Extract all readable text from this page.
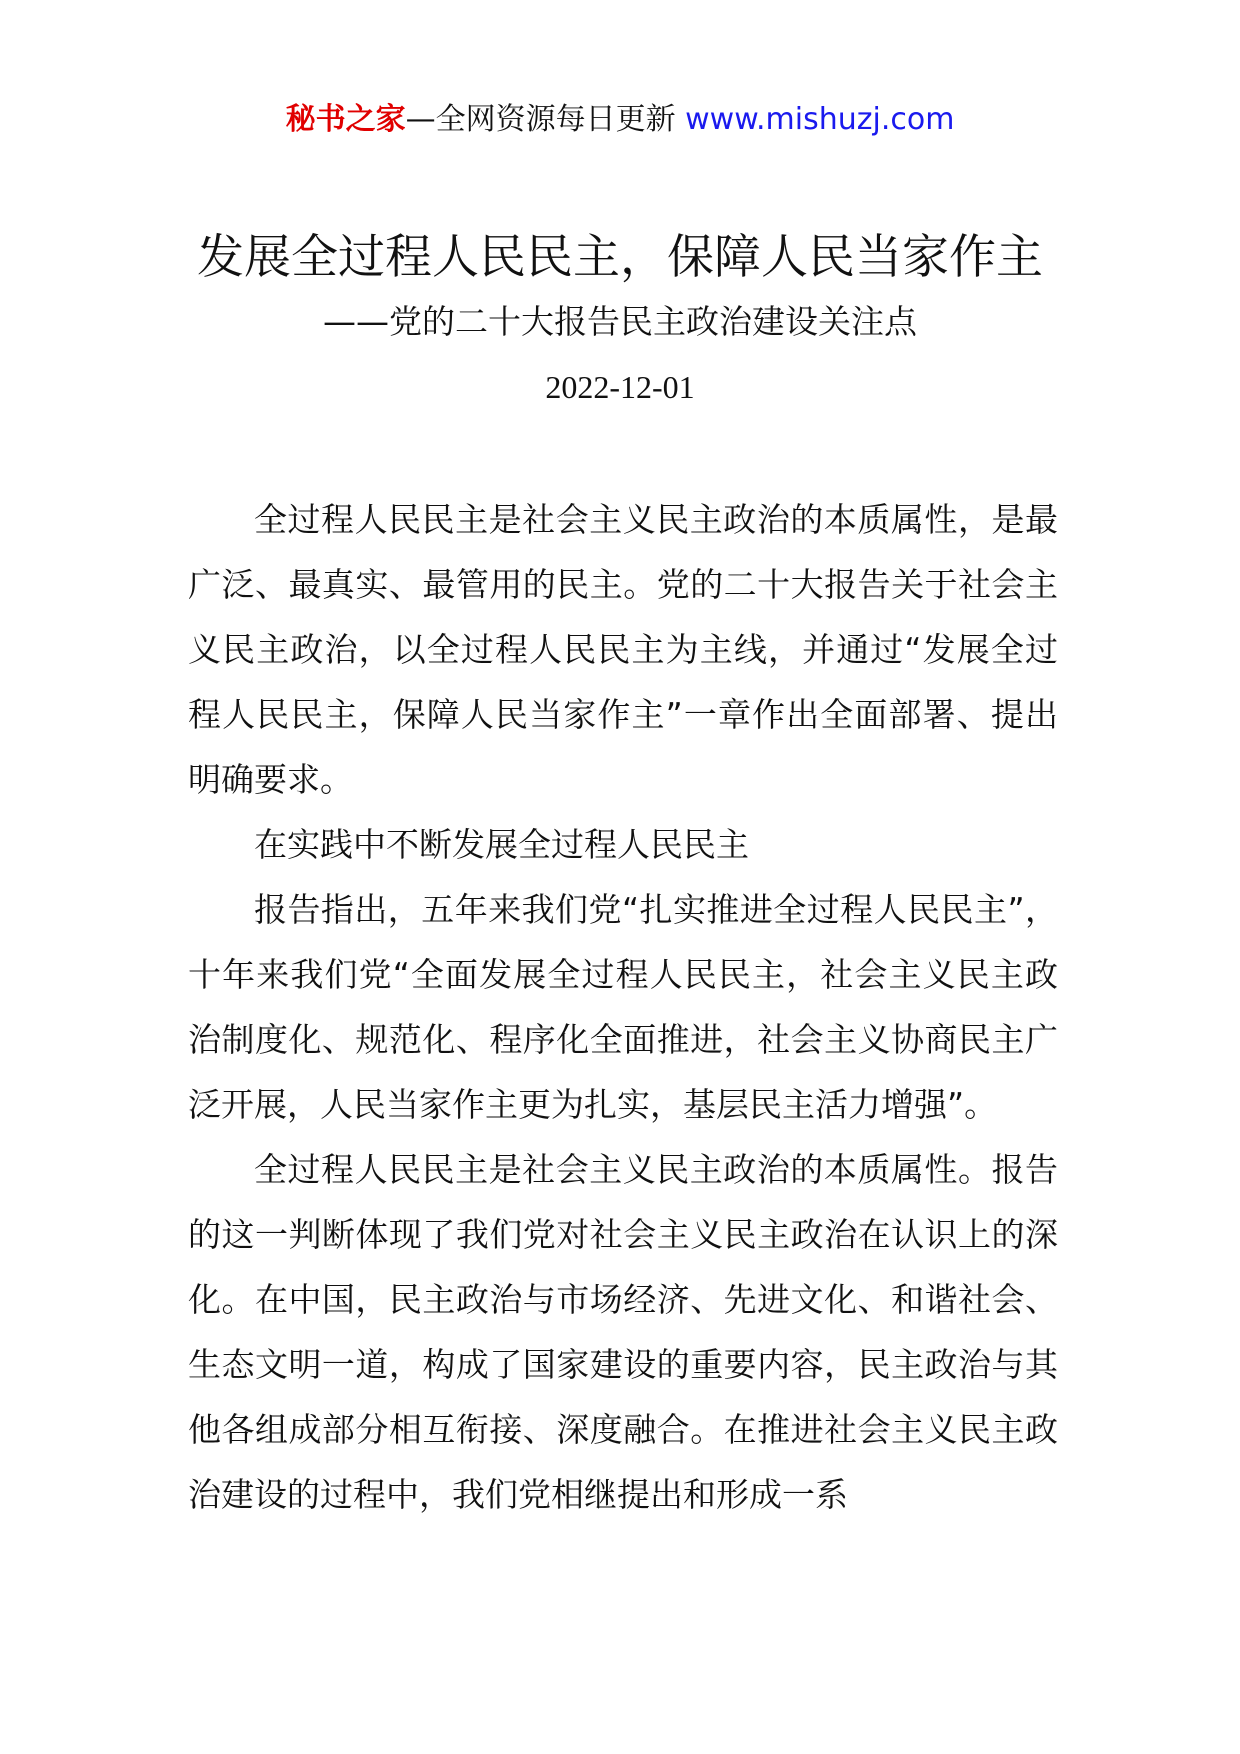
秘书之家—全网资源每日更新 www.mishuzj.com
发展全过程人民民主，保障人民当家作主
——党的二十大报告民主政治建设关注点
2022-12-01

全过程人民民主是社会主义民主政治的本质属性，是最广泛、最真实、最管用的民主。党的二十大报告关于社会主义民主政治，以全过程人民民主为主线，并通过“发展全过程人民民主，保障人民当家作主”一章作出全面部署、提出明确要求。

在实践中不断发展全过程人民民主

报告指出，五年来我们党“扎实推进全过程人民民主”，十年来我们党“全面发展全过程人民民主，社会主义民主政治制度化、规范化、程序化全面推进，社会主义协商民主广泛开展，人民当家作主更为扎实，基层民主活力增强”。

全过程人民民主是社会主义民主政治的本质属性。报告的这一判断体现了我们党对社会主义民主政治在认识上的深化。在中国，民主政治与市场经济、先进文化、和谐社会、生态文明一道，构成了国家建设的重要内容，民主政治与其他各组成部分相互衔接、深度融合。在推进社会主义民主政治建设的过程中，我们党相继提出和形成一系
